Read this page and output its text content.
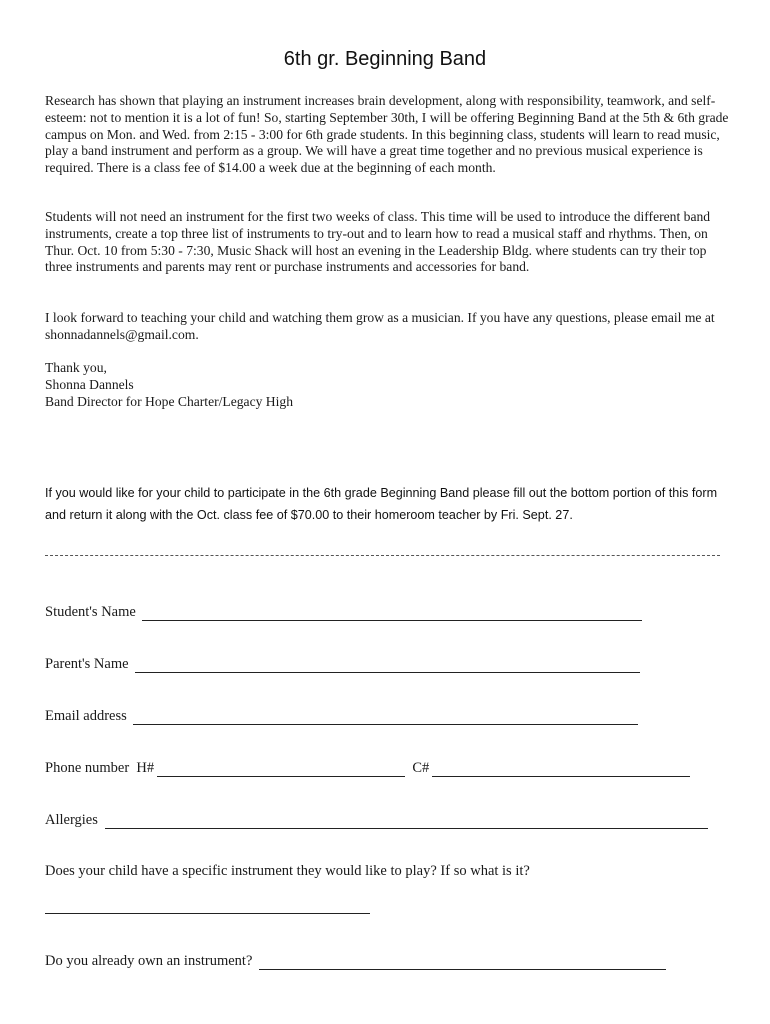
6th gr. Beginning Band

Research has shown that playing an instrument increases brain development, along with responsibility, teamwork, and self-esteem: not to mention it is a lot of fun! So, starting September 30th, I will be offering Beginning Band at the 5th & 6th grade campus on Mon. and Wed. from 2:15 - 3:00 for 6th grade students. In this beginning class, students will learn to read music, play a band instrument and perform as a group. We will have a great time together and no previous musical experience is required. There is a class fee of $14.00 a week due at the beginning of each month.

Students will not need an instrument for the first two weeks of class. This time will be used to introduce the different band instruments, create a top three list of instruments to try-out and to learn how to read a musical staff and rhythms. Then, on Thur. Oct. 10 from 5:30 - 7:30, Music Shack will host an evening in the Leadership Bldg. where students can try their top three instruments and parents may rent or purchase instruments and accessories for band.

I look forward to teaching your child and watching them grow as a musician. If you have any questions, please email me at shonnadannels@gmail.com.

Thank you,
Shonna Dannels
Band Director for Hope Charter/Legacy High

If you would like for your child to participate in the 6th grade Beginning Band please fill out the bottom portion of this form and return it along with the Oct. class fee of $70.00 to their homeroom teacher by Fri. Sept. 27.

Student's Name
Parent's Name
Email address
Phone number  H#	C#
Allergies
Does your child have a specific instrument they would like to play? If so what is it?
Do you already own an instrument?
